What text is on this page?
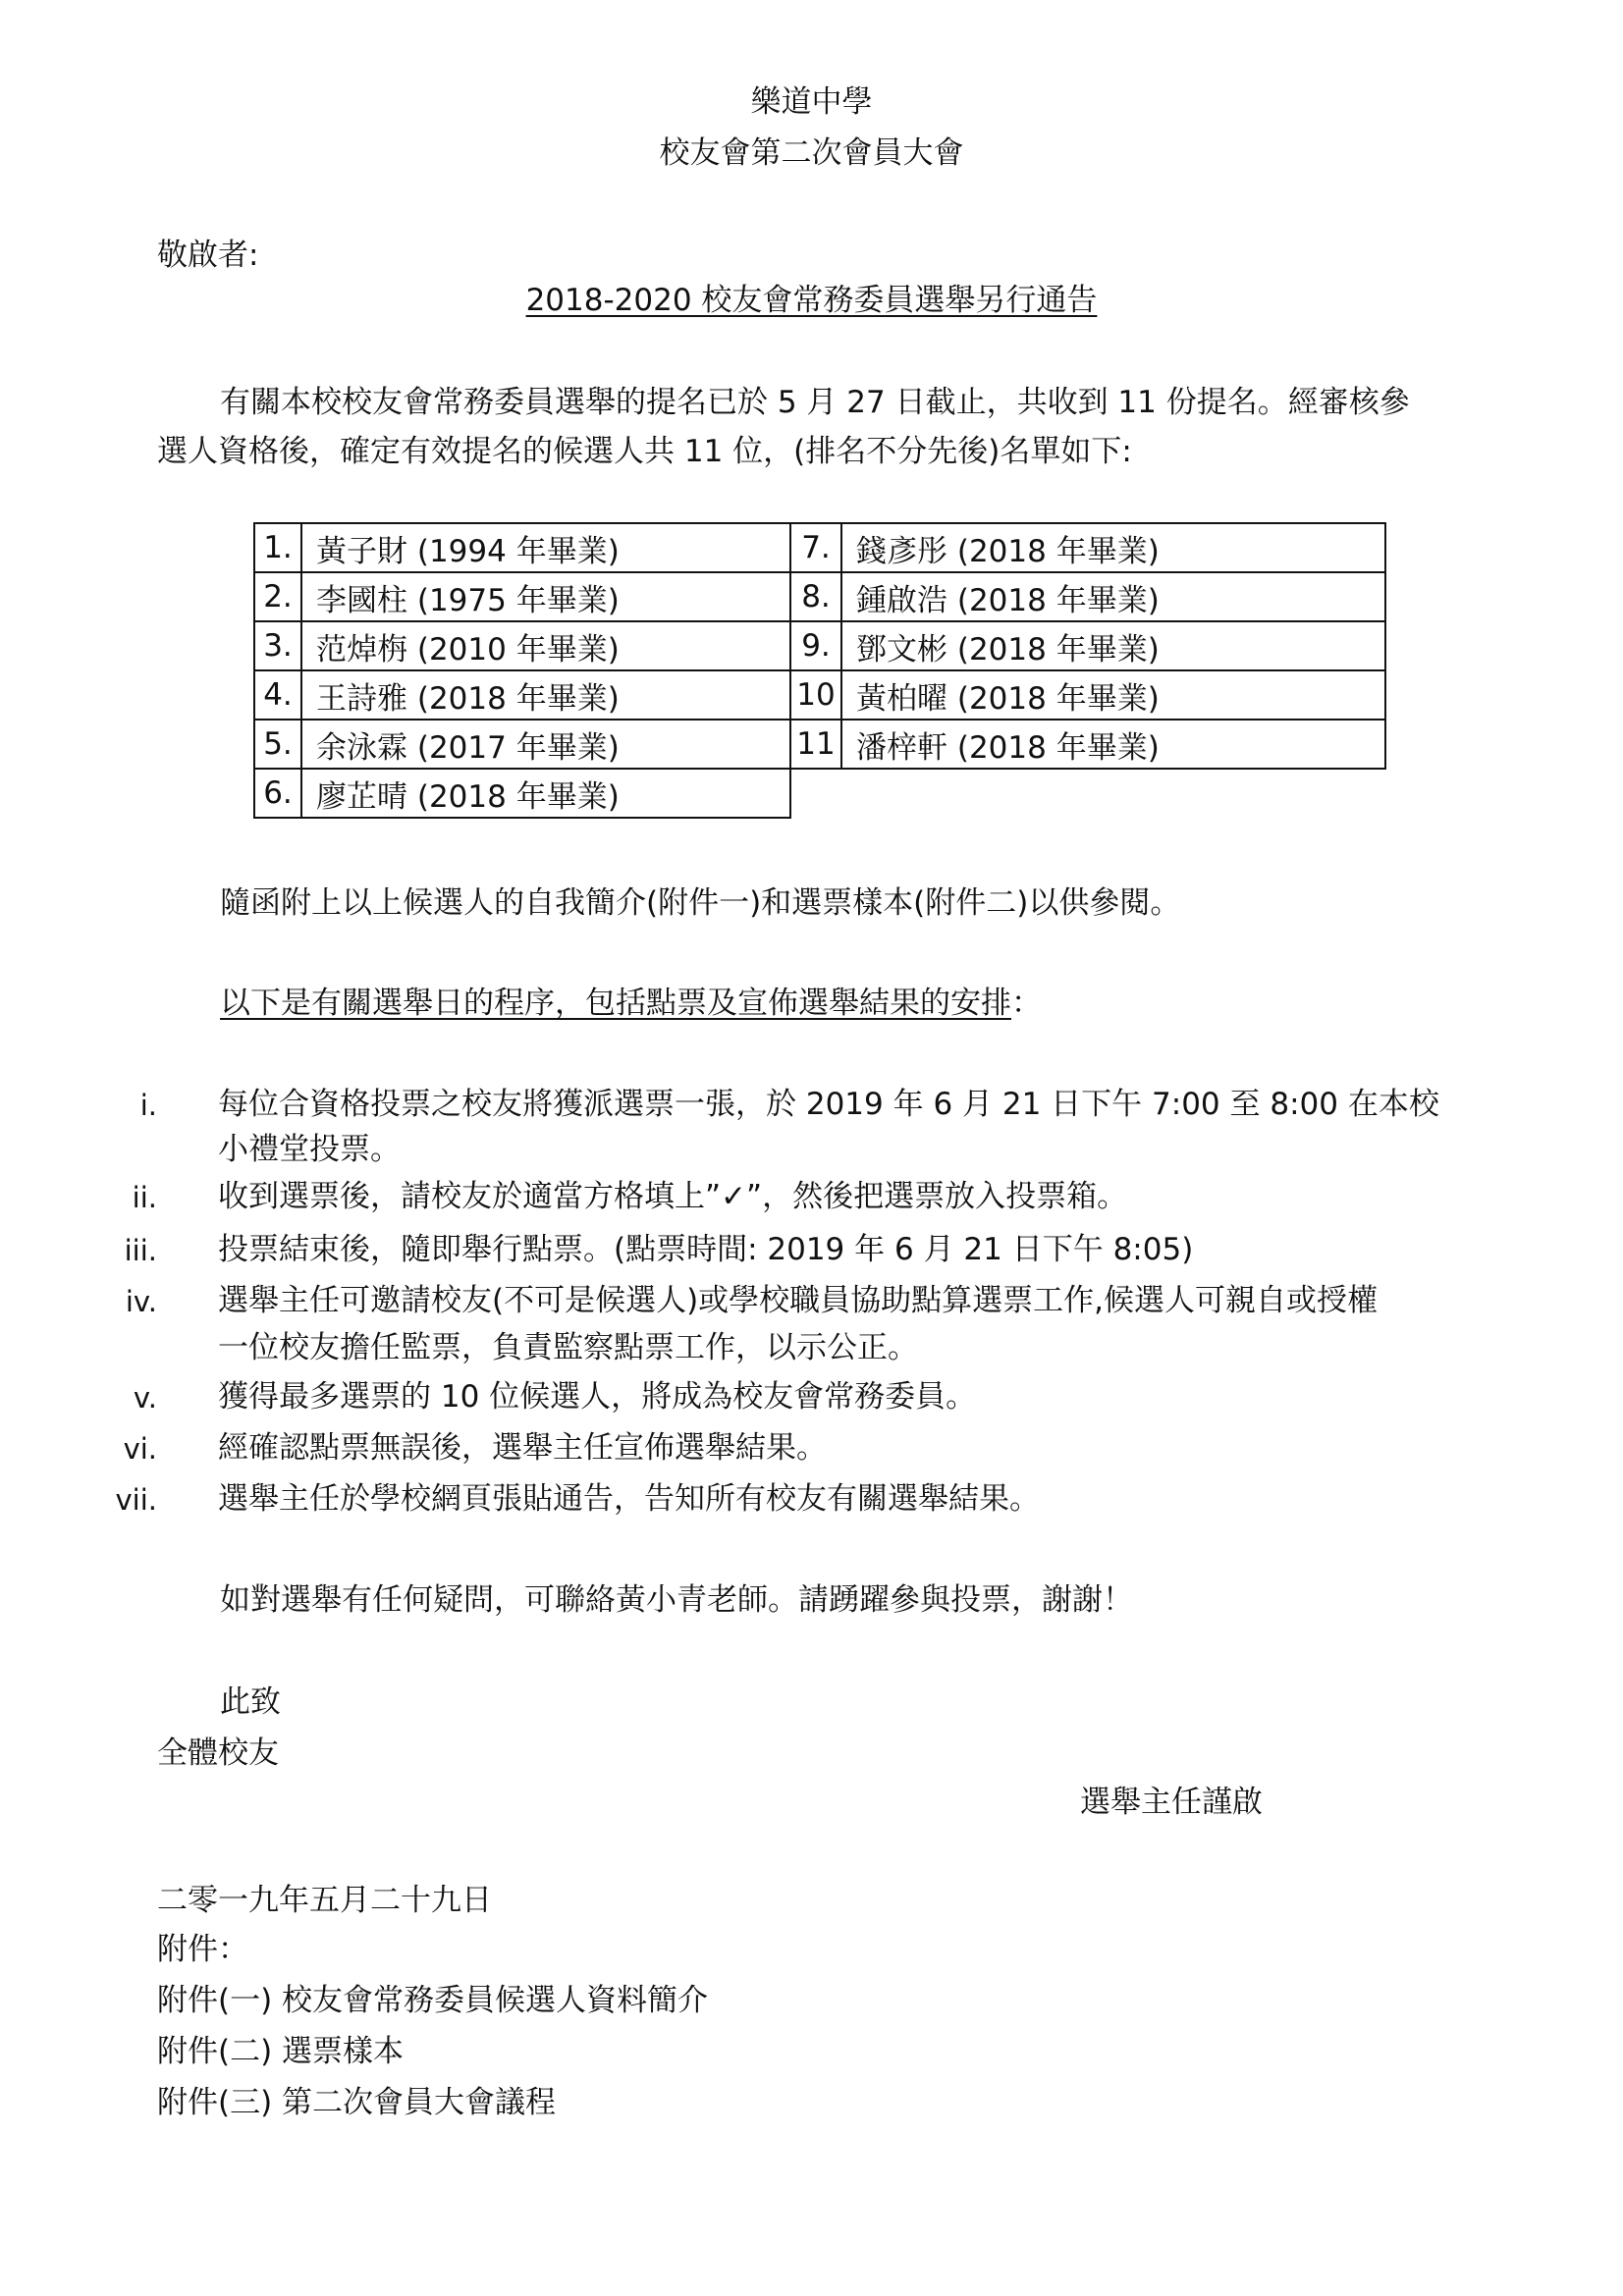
樂道中學
校友會第二次會員大會
敬啟者:
2018-2020 校友會常務委員選舉另行通告
有關本校校友會常務委員選舉的提名已於 5 月 27 日截止，共收到 11 份提名。經審核參
選人資格後，確定有效提名的候選人共 11 位，(排名不分先後)名單如下:
1.	黃子財 (1994 年畢業)	7.	錢彥彤 (2018 年畢業)
2.	李國柱 (1975 年畢業)	8.	鍾啟浩 (2018 年畢業)
3.	范焯栴 (2010 年畢業)	9.	鄧文彬 (2018 年畢業)
4.	王詩雅 (2018 年畢業)	10	黃柏曜 (2018 年畢業)
5.	余泳霖 (2017 年畢業)	11	潘梓軒 (2018 年畢業)
6.	廖芷晴 (2018 年畢業)		
隨函附上以上候選人的自我簡介(附件一)和選票樣本(附件二)以供參閱。
以下是有關選舉日的程序，包括點票及宣佈選舉結果的安排：
i. 每位合資格投票之校友將獲派選票一張，於 2019 年 6 月 21 日下午 7:00 至 8:00 在本校
小禮堂投票。
ii. 收到選票後，請校友於適當方格填上”✓”，然後把選票放入投票箱。
iii. 投票結束後，隨即舉行點票。(點票時間: 2019 年 6 月 21 日下午 8:05)
iv. 選舉主任可邀請校友(不可是候選人)或學校職員協助點算選票工作,候選人可親自或授權
一位校友擔任監票，負責監察點票工作，以示公正。
v. 獲得最多選票的 10 位候選人，將成為校友會常務委員。
vi. 經確認點票無誤後，選舉主任宣佈選舉結果。
vii. 選舉主任於學校網頁張貼通告，告知所有校友有關選舉結果。
如對選舉有任何疑問，可聯絡黃小青老師。請踴躍參與投票，謝謝！
此致
全體校友
選舉主任謹啟
二零一九年五月二十九日
附件：
附件(一) 校友會常務委員候選人資料簡介
附件(二) 選票樣本
附件(三) 第二次會員大會議程
